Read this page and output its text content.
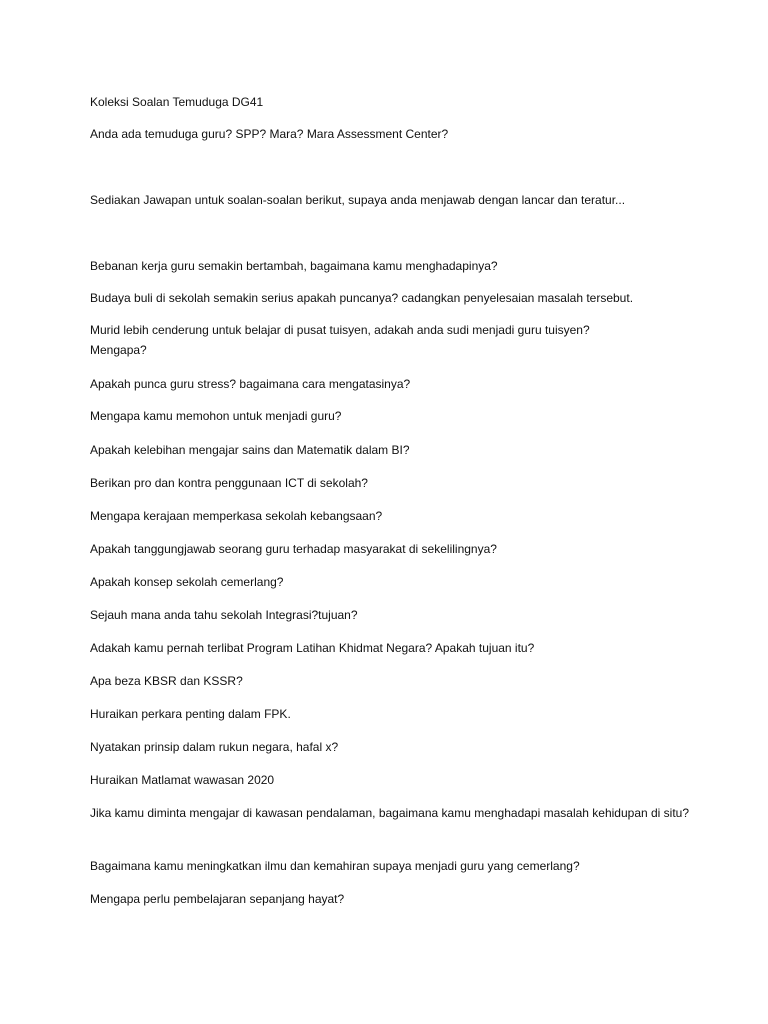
Koleksi Soalan Temuduga DG41
Anda ada temuduga guru? SPP? Mara? Mara Assessment Center?
Sediakan Jawapan untuk soalan-soalan berikut, supaya anda menjawab dengan lancar dan teratur...
Bebanan kerja guru semakin bertambah, bagaimana kamu menghadapinya?
Budaya buli di sekolah semakin serius apakah puncanya? cadangkan penyelesaian masalah tersebut.
Murid lebih cenderung untuk belajar di pusat tuisyen, adakah anda sudi menjadi guru tuisyen?Mengapa?
Apakah punca guru stress? bagaimana cara mengatasinya?
Mengapa kamu memohon untuk menjadi guru?
Apakah kelebihan mengajar sains dan Matematik dalam BI?
Berikan pro dan kontra penggunaan ICT di sekolah?
Mengapa kerajaan memperkasa sekolah kebangsaan?
Apakah tanggungjawab seorang guru terhadap masyarakat di sekelilingnya?
Apakah konsep sekolah cemerlang?
Sejauh mana anda tahu sekolah Integrasi?tujuan?
Adakah kamu pernah terlibat Program Latihan Khidmat Negara? Apakah tujuan itu?
Apa beza KBSR dan KSSR?
Huraikan perkara penting dalam FPK.
Nyatakan prinsip dalam rukun negara, hafal x?
Huraikan Matlamat wawasan 2020
Jika kamu diminta mengajar di kawasan pendalaman, bagaimana kamu menghadapi masalah kehidupan di situ?
Bagaimana kamu meningkatkan ilmu dan kemahiran supaya menjadi guru yang cemerlang?
Mengapa perlu pembelajaran sepanjang hayat?
